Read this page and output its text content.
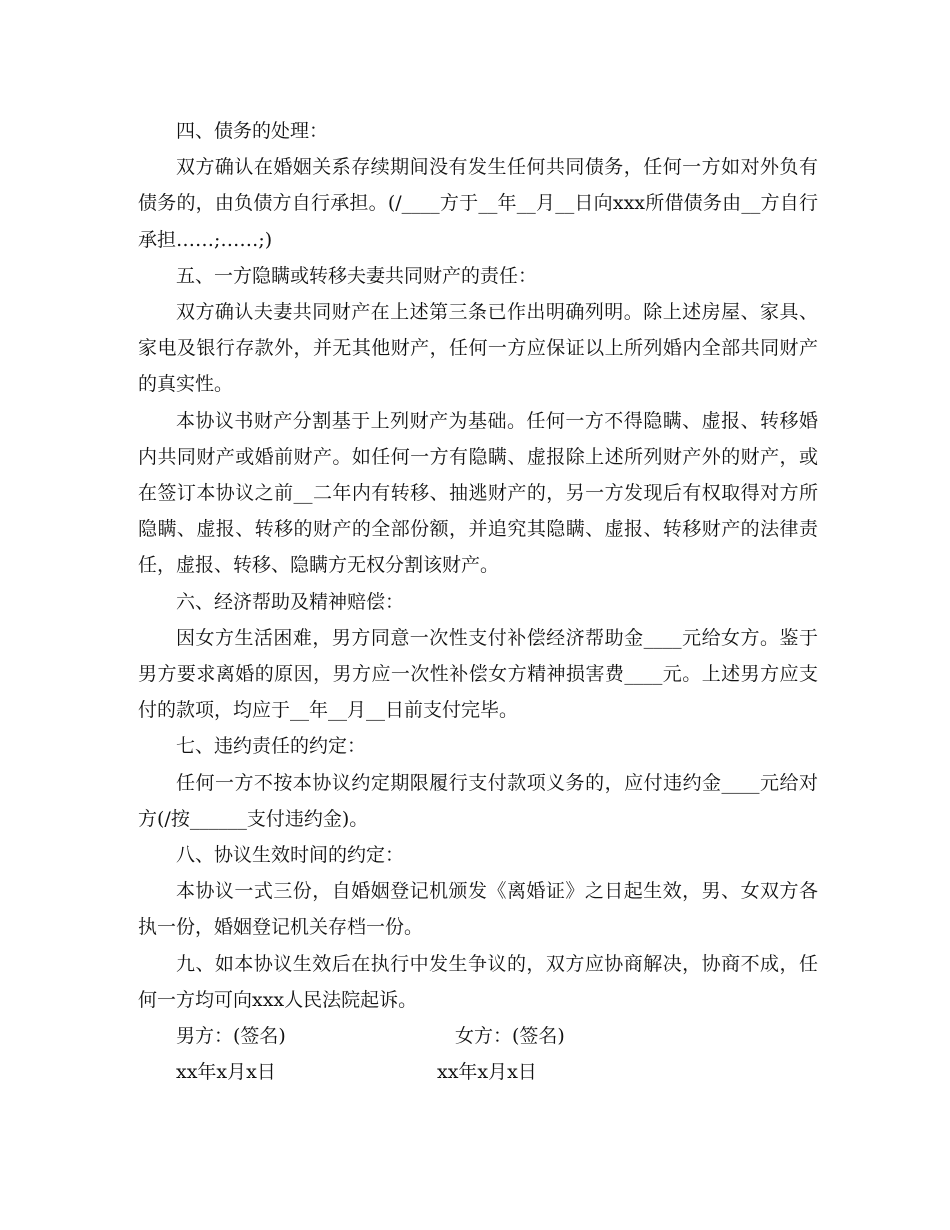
四、债务的处理：

双方确认在婚姻关系存续期间没有发生任何共同债务，任何一方如对外负有债务的，由负债方自行承担。(/____方于__年__月__日向xxx所借债务由__方自行承担……;……;)

五、一方隐瞒或转移夫妻共同财产的责任：

双方确认夫妻共同财产在上述第三条已作出明确列明。除上述房屋、家具、家电及银行存款外，并无其他财产，任何一方应保证以上所列婚内全部共同财产的真实性。

本协议书财产分割基于上列财产为基础。任何一方不得隐瞒、虚报、转移婚内共同财产或婚前财产。如任何一方有隐瞒、虚报除上述所列财产外的财产，或在签订本协议之前__二年内有转移、抽逃财产的，另一方发现后有权取得对方所隐瞒、虚报、转移的财产的全部份额，并追究其隐瞒、虚报、转移财产的法律责任，虚报、转移、隐瞒方无权分割该财产。

六、经济帮助及精神赔偿：

因女方生活困难，男方同意一次性支付补偿经济帮助金____元给女方。鉴于男方要求离婚的原因，男方应一次性补偿女方精神损害费____元。上述男方应支付的款项，均应于__年__月__日前支付完毕。

七、违约责任的约定：

任何一方不按本协议约定期限履行支付款项义务的，应付违约金____元给对方(/按______支付违约金)。

八、协议生效时间的约定：

本协议一式三份，自婚姻登记机颁发《离婚证》之日起生效，男、女双方各执一份，婚姻登记机关存档一份。

九、如本协议生效后在执行中发生争议的，双方应协商解决，协商不成，任何一方均可向xxx人民法院起诉。

男方：(签名)	女方：(签名)
xx年x月x日	xx年x月x日
